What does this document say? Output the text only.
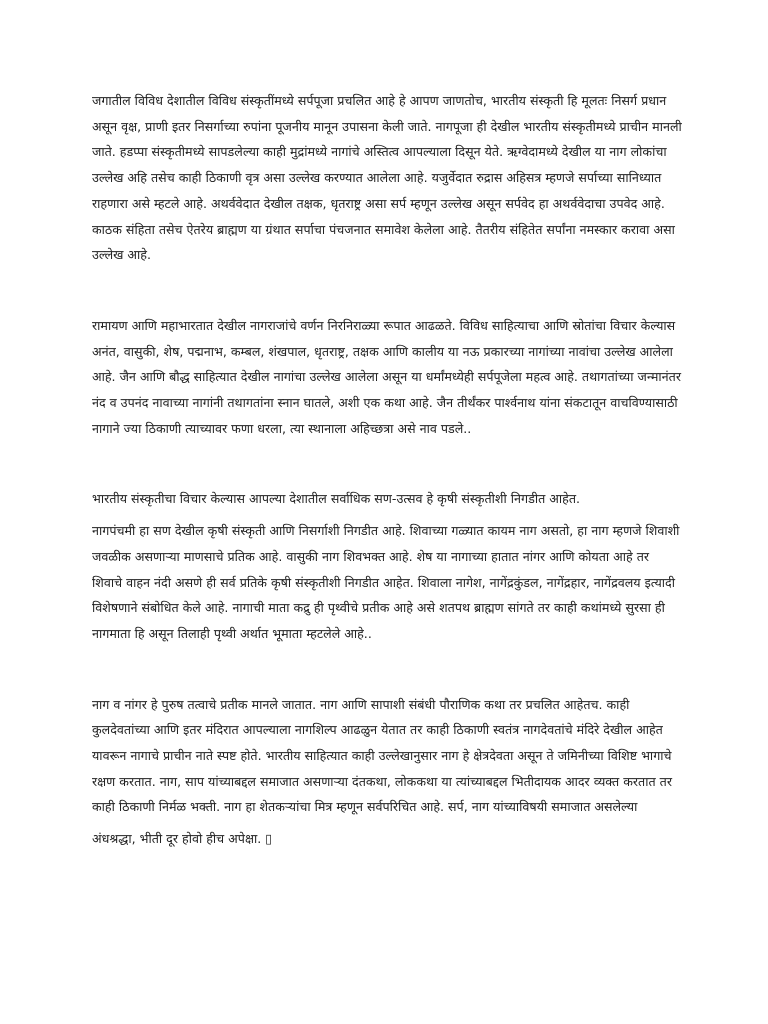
जगातील विविध देशातील विविध संस्कृतींमध्ये सर्पपूजा प्रचलित आहे हे आपण जाणतोच, भारतीय संस्कृती हि मूलतः निसर्ग प्रधान असून वृक्ष, प्राणी इतर निसर्गाच्या रुपांना पूजनीय मानून उपासना केली जाते. नागपूजा ही देखील भारतीय संस्कृतीमध्ये प्राचीन मानली जाते. हडप्पा संस्कृतीमध्ये सापडलेल्या काही मुद्रांमध्ये नागांचे अस्तित्व आपल्याला दिसून येते. ऋग्वेदामध्ये देखील या नाग लोकांचा उल्लेख अहि तसेच काही ठिकाणी वृत्र असा उल्लेख करण्यात आलेला आहे. यजुर्वेदात रुद्रास अहिसत्र म्हणजे सर्पाच्या सानिध्यात राहणारा असे म्हटले आहे. अथर्ववेदात देखील तक्षक, धृतराष्ट्र असा सर्प म्हणून उल्लेख असून सर्पवेद हा अथर्ववेदाचा उपवेद आहे. काठक संहिता तसेच ऐतरेय ब्राह्मण या ग्रंथात सर्पाचा पंचजनात समावेश केलेला आहे. तैतरीय संहितेत सर्पांना नमस्कार करावा असा उल्लेख आहे.

रामायण आणि महाभारतात देखील नागराजांचे वर्णन निरनिराळ्या रूपात आढळते. विविध साहित्याचा आणि स्रोतांचा विचार केल्यास अनंत, वासुकी, शेष, पद्मनाभ, कम्बल, शंखपाल, धृतराष्ट्र, तक्षक आणि कालीय या नऊ प्रकारच्या नागांच्या नावांचा उल्लेख आलेला आहे. जैन आणि बौद्ध साहित्यात देखील नागांचा उल्लेख आलेला असून या धर्मांमध्येही सर्पपूजेला महत्व आहे. तथागतांच्या जन्मानंतर नंद व उपनंद नावाच्या नागांनी तथागतांना स्नान घातले, अशी एक कथा आहे. जैन तीर्थंकर पार्श्वनाथ यांना संकटातून वाचविण्यासाठी नागाने ज्या ठिकाणी त्याच्यावर फणा धरला, त्या स्थानाला अहिच्छत्रा असे नाव पडले..

भारतीय संस्कृतीचा विचार केल्यास आपल्या देशातील सर्वाधिक सण-उत्सव हे कृषी संस्कृतीशी निगडीत आहेत.

नागपंचमी हा सण देखील कृषी संस्कृती आणि निसर्गाशी निगडीत आहे. शिवाच्या गळ्यात कायम नाग असतो, हा नाग म्हणजे शिवाशी जवळीक असणाऱ्या माणसाचे प्रतिक आहे. वासुकी नाग शिवभक्त आहे. शेष या नागाच्या हातात नांगर आणि कोयता आहे तर शिवाचे वाहन नंदी असणे ही सर्व प्रतिके कृषी संस्कृतीशी निगडीत आहेत. शिवाला नागेश, नागेंद्रकुंडल, नागेंद्रहार, नागेंद्रवलय इत्यादी विशेषणाने संबोधित केले आहे. नागाची माता कद्रु ही पृथ्वीचे प्रतीक आहे असे शतपथ ब्राह्मण सांगते तर काही कथांमध्ये सुरसा ही नागमाता हि असून तिलाही पृथ्वी अर्थात भूमाता म्हटलेले आहे..

नाग व नांगर हे पुरुष तत्वाचे प्रतीक मानले जातात. नाग आणि सापाशी संबंधी पौराणिक कथा तर प्रचलित आहेतच. काही कुलदेवतांच्या आणि इतर मंदिरात आपल्याला नागशिल्प आढळुन येतात तर काही ठिकाणी स्वतंत्र नागदेवतांचे मंदिरे देखील आहेत यावरून नागाचे प्राचीन नाते स्पष्ट होते. भारतीय साहित्यात काही उल्लेखानुसार नाग हे क्षेत्रदेवता असून ते जमिनीच्या विशिष्ट भागाचे रक्षण करतात. नाग, साप यांच्याबद्दल समाजात असणाऱ्या दंतकथा, लोककथा या त्यांच्याबद्दल भितीदायक आदर व्यक्त करतात तर काही ठिकाणी निर्मळ भक्ती. नाग हा शेतकऱ्यांचा मित्र म्हणून सर्वपरिचित आहे. सर्प, नाग यांच्याविषयी समाजात असलेल्या

अंधश्रद्धा, भीती दूर होवो हीच अपेक्षा. ▯
